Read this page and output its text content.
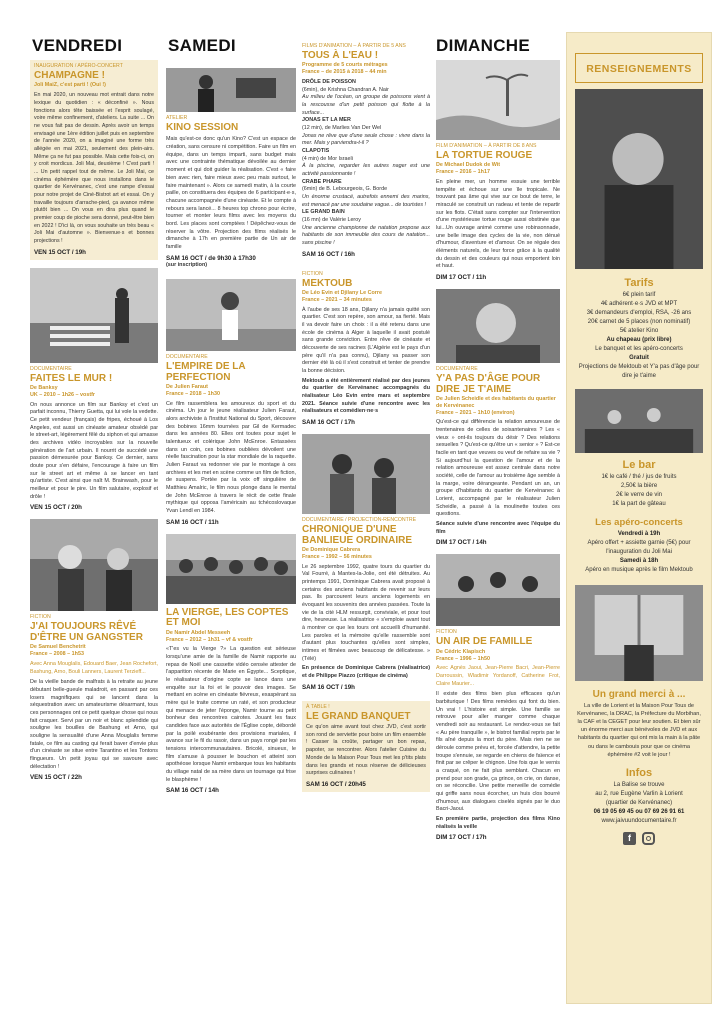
VENDREDI	SAMEDI	DIMANCHE
INAUGURATION / APÉRO-CONCERT
CHAMPAGNE !
Joli MaiZ, c'est parti ! (Oui !)
En mai 2020, un nouveau mot entrait dans notre lexique du quotidien : « déconfiné ». Nous fonctions alors tête baissée et l'esprit soulagé, voire même confinement, d'ateliers. La suite ... On ne vous fait pas de dessin. Après avoir un temps envisagé une 1ère édition juillet puis en septembre de l'année 2020, on a imaginé une forme très allégée en mai 2021, seulement des plein-airs. Même ça ne fut pas possible. Mais cette fois-ci, on y croit mordicus. Joli Mai, deuxième ! C'est parti ! ... Un petit rappel tout de même. Le Joli Mai, ce cinéma éphémère que nous installons dans le quartier de Kervénanec, c'est une rampe d'essai pour notre projet de Ciné-Bistrot art et essai. On y travaille toujours d'arrache-pied, ça avance même plutôt bien ... On vous en dira plus quand le premier coup de pioche sera donné, peut-être bien en 2022 ! D'ici là, on vous souhaite un très beau « Joli Mai d'automne ». Bienvenue·s et bonnes projections !
VEN 15 OCT / 19h
DOCUMENTAIRE
FAITES LE MUR !
De Banksy
UK – 2010 – 1h26 – vostfr
On nous annonce un film sur Banksy et c'est un parfait inconnu, Thierry Guetta, qui lui vole la vedette. Ce petit vendeur (français) de fripes, échoué à Los Angeles, est aussi un cinéaste amateur obsédé par le street-art, légèrement fêlé du siphon et qui amasse des archives vidéo incroyables sur la nouvelle génération de l'art urbain. Il nourrit de succédé une passion démesurée pour Banksy. Ce dernier, sans doute pour s'en défaire, l'encourage à faire un film sur le street art et même à se lancer en tant qu'artiste. C'est ainsi que naît M. Brainwash, pour le meilleur et pour le pire. Un film salutaire, explosif et drôle !
VEN 15 OCT / 20h
FICTION
J'AI TOUJOURS RÊVÉ D'ÊTRE UN GANGSTER
De Samuel Benchetrit
France – 2008 – 1h53
Avec Anna Mouglalis, Edouard Baer, Jean Rochefort, Bashung, Arno, Bouli Lanners, Laurent Terzieff...
De la vieille bande de malfrats à la retraite au jeune débutant belle-gueule maladroit, en passant par ces losers magnifiques qui se lancent dans la séquestration avec un amateurisme désarmant, tous ces personnages ont ce petit quelque chose qui nous fait craquer. Servi par un noir et blanc splendide qui souligne les bouilles de Bashung et Arno, qui souligne la sensualité d'une Anna Mouglalis femme fatale, ce film au casting qui ferait baver d'envie plus d'un cinéaste se situe entre Tarantino et les Tontons flingueurs. Un petit joyau qui se savoure avec délectation !
VEN 15 OCT / 22h
ATELIER
KINO SESSION
Mais qu'est-ce donc qu'un Kino? C'est un espace de création, sans censure ni compétition. Faire un film en équipe, dans un temps imparti, sans budget mais avec une contrainte thématique dévoilée au dernier moment et qui doit guider la réalisation. C'est « faire bien avec rien, faire mieux avec peu mais surtout, le faire maintenant ». Alors ce samedi matin, à la courte paille, on constituera des équipes de 6 participant·e·s, chacune accompagnée d'une cinéaste. Et le compte à rebours sera lancé... 8 heures top chrono pour écrire, tourner et monter leurs films avec les moyens du bord. Les places sont comptées ! Dépêchez-vous de réserver la vôtre. Projection des films réalisés le dimanche à 17h en première partie de Un air de famille
SAM 16 OCT / de 9h30 à 17h30
(sur inscription)
DOCUMENTAIRE
L'EMPIRE DE LA PERFECTION
De Julien Faraut
France – 2018 – 1h30
Ce film rassemblera les amoureux du sport et du cinéma. Un jour le jeune réalisateur Julien Faraut, alors archiviste à l'Institut National du Sport, découvre des bobines 16mm tournées par Gil de Kermadec dans les années 80. Elles ont toutes pour sujet le talentueux et colérique John McEnroe. Entassées dans un coin, ces bobines oubliées dévoilent une réelle fascination pour la star mondiale de la raquette. Julien Faraut va redonner vie par le montage à ces archives et les met en scène comme un film de fiction, de suspens. Portée par la voix off singulière de Matthieu Amalric, le film nous plonge dans le mental de John McEnroe à travers le récit de cette finale mythique qui opposa l'américain au tchécoslovaque Yvan Lendl en 1984.
SAM 16 OCT / 11h
LA VIERGE, LES COPTES ET MOI
De Namir Abdel Messeeh
France – 2012 – 1h31 – vf & vostfr
«T'es vu la Vierge ?» La question est sérieuse lorsqu'une amie de la famille de Namir rapporte au repas de Noël une cassette vidéo censée attester de l'apparition récente de Marie en Égypte... Sceptique, le réalisateur d'origine copte se lance dans une enquête sur la foi et le pouvoir des images. Se mettant en scène en cinéaste fiévreux, exaspérant sa mère qui le traite comme un raté, et son producteur qui menace de jeter l'éponge, Namir tourne au petit bonheur des rencontres cairotes. Jouant les faux candides face aux autorités de l'Église copte, débordé par la poilé exubérante des provisions mariales, il avance sur le fil du rasoir, dans un pays rongé par les tensions intercommunautaires. Bricolé, sinueux, le film s'amuse à pousser le bouchon et atteint son apothéose lorsque Namir embarque tous les habitants du village natal de sa mère dans un tournage qui frise le blasphème !
SAM 16 OCT / 14h
FILMS D'ANIMATION – À PARTIR DE 5 ANS
TOUS À L'EAU !
Programme de 5 courts métrages
France – de 2015 à 2018 – 44 min
DRÔLE DE POISSON
(6min), de Krishna Chandran A. Nair
Au milieu de l'océan, un groupe de poissons vient à la rescousse d'un petit poisson qui flotte à la surface...
JONAS ET LA MER
(12 min), de Marlies Van Der Wel
Jonas ne rêve que d'une seule chose : vivre dans la mer. Mais y parviendra-t-il ?
CLAPOTIS
(4 min) de Mor Israeli
À la piscine, regarder les autres nager est une activité passionnante !
CRABE PHARE
(6min) de B. Lebourgeois, G. Borde
Un énorme crustacé, autrefois ennemi des marins, est menacé par une soudaine vague... de touristes !
LE GRAND BAIN
(16 mn) de Valérie Leroy
Une ancienne championne de natation propose aux habitants de son immeuble des cours de natation... sans piscine !
SAM 16 OCT / 16h
FICTION
MEKTOUB
De Léo Evin et Djilany Le Corre
France – 2021 – 34 minutes
À l'aube de ses 18 ans, Djilany n'a jamais quitté son quartier. C'est son repère, son amour, sa fierté. Mais il va devoir faire un choix : il a été retenu dans une école de cinéma à Alger à laquelle il avait postulé sans grande conviction. Entre rêve de cinéaste et découverte de ses racines (L'Algérie est le pays d'un père qu'il n'a pas connu), Djilany va passer son dernier été là où il s'est construit et tenter de prendre la bonne décision.
Mektoub a été entièrement réalisé par des jeunes du quartier de Kervénanec accompagnés du réalisateur Léo Evin entre mars et septembre 2021. Séance suivie d'une rencontre avec les réalisateurs et comédien·ne·s
SAM 16 OCT / 17h
DOCUMENTAIRE / PROJECTION-RENCONTRE
CHRONIQUE D'UNE BANLIEUE ORDINAIRE
De Dominique Cabrera
France – 1992 – 56 minutes
Le 26 septembre 1992, quatre tours du quartier du Val Fourré, à Mantes-la-Jolie, ont été détruites. Au printemps 1991, Dominique Cabrera avait proposé à certains des anciens habitants de revenir sur leurs pas. Ils parcourent leurs anciens logements en évoquant les souvenirs des années passées. Toute la vie de la cité HLM ressurgit, conviviale, et pour tout dire, heureuse. La réalisatrice « s'emploie avant tout à montrer ce que les tours ont accueilli d'humanité. Les paroles et la mémoire qu'elle rassemble sont d'autant plus touchantes qu'elles sont simples, intimes et filmées avec beaucoup de délicatesse. » (Télé)
En présence de Dominique Cabrera (réalisatrice) et de Philippe Piazzo (critique de cinéma)
SAM 16 OCT / 19h
À TABLE !
LE GRAND BANQUET
Ce qu'on aime avant tout chez JVD, c'est sortir son rond de serviette pour boire un film ensemble ! Casser la croûte, partager un bon repas, papoter, se rencontrer. Alors l'atelier Cuisine du Monde de la Maison Pour Tous met les p'tits plats dans les grands et nous réserve de délicieuses surprises culinaires !
SAM 16 OCT / 20h45
FILM D'ANIMATION – À PARTIR DE 8 ANS
LA TORTUE ROUGE
De Michael Dudok de Wit
France – 2016 – 1h17
En pleine mer, un homme essuie une terrible tempête et échoue sur une île tropicale. Ne trouvant pas âme qui vive sur ce bout de terre, le miraculé se construit un radeau et tente de repartir sur les flots. C'était sans compter sur l'intervention d'une mystérieuse tortue rouge aussi obstinée que lui...Un ouvrage animé comme une robinsonnade, une belle image des cycles de la vie, non dénué d'humour, d'aventure et d'amour. On se régale des éléments naturels, de leur force grâce à la qualité du dessin et des couleurs qui nous emportent loin et haut.
DIM 17 OCT / 11h
DOCUMENTAIRE
Y'A PAS D'ÂGE POUR DIRE JE T'AIME
De Julien Scheidle et des habitants du quartier de Kervénanec
France – 2021 – 1h10 (environ)
Qu'est-ce qui différencie la relation amoureuse de trentenaires de celles de soixantenaires ? Les « vieux » ont-ils toujours du désir ? Des relations sexuelles ? Qu'est-ce qu'être un « senior » ? Est-ce facile en tant que veuves ou veuf de refaire sa vie ? Si aujourd'hui la question de l'amour et de la relation amoureuse est assez centrale dans notre société, celle de l'amour au troisième âge semble à la marge, voire dérangeante. Pendant un an, un groupe d'habitants du quartier de Kervénanec à Lorient, accompagné par le réalisateur Julien Scheidle, a passé à la moulinette toutes ces questions.
Séance suivie d'une rencontre avec l'équipe du film
DIM 17 OCT / 14h
FICTION
UN AIR DE FAMILLE
De Cédric Klapisch
France – 1996 – 1h50
Avec Agnès Jaoui, Jean-Pierre Bacri, Jean-Pierre Darroussin, Wladimir Yordanoff, Catherine Frot, Claire Maurier...
Il existe des films bien plus efficaces qu'un barbiturique ! Des films remèdes qui font du bien. Un vrai ! L'histoire est simple. Une famille se retrouve pour aller manger comme chaque vendredi soir au restaurant. Le rendez-vous se fait « Au père tranquille », le bistrot familial repris par le fils aîné depuis la mort du père. Mais rien ne se déroule comme prévu et, forcée d'attendre, la petite troupe s'ennuie, se regarde en chiens de faïence et finit par se crêper le chignon. Une fois que le vernis a craqué, on ne fait plus semblant. Chacun en prend pour son grade, ça grince, on crie, on danse, on se réconcilie. Une petite merveille de comédie qui griffe sans nous écorcher, un huis clos bourré d'humour, aux dialogues ciselés signés par le duo Bacri-Jaoui.
En première partie, projection des films Kino réalisés la veille
DIM 17 OCT / 17h
RENSEIGNEMENTS
Tarifs
6€ plein tarif
4€ adhérent·e·s JVD et MPT
3€ demandeurs d'emploi, RSA, -26 ans
20€ carnet de 5 places (non nominatif)
5€ atelier Kino
Au chapeau (prix libre)
Le banquet et les apéro-concerts
Gratuit
Projections de Mektoub et Y'a pas d'âge pour dire je t'aime
Le bar
1€ le café / thé / jus de fruits
2,50€ la bière
2€ le verre de vin
1€ la part de gâteau
Les apéro-concerts
Vendredi à 19h
Apéro offert + assiette garnie (5€) pour l'inauguration du Joli Mai
Samedi à 18h
Apéro en musique après le film Mektoub
Un grand merci à ...
La ville de Lorient et la Maison Pour Tous de Kervénanec, la DRAC, la Préfecture du Morbihan, la CAF et la CEGET pour leur soutien. Et bien sûr un énorme merci aux bénévoles de JVD et aux habitants du quartier qui ont mis la main à la pâte ou dans le cambouis pour que ce cinéma éphémère #2 voit le jour !
Infos
La Balise se trouve
au 2, rue Eugène Varlin à Lorient
(quartier de Kervénanec)
06 19 05 69 45 ou 07 69 26 91 61
www.jaivuundocumentaire.fr
f
